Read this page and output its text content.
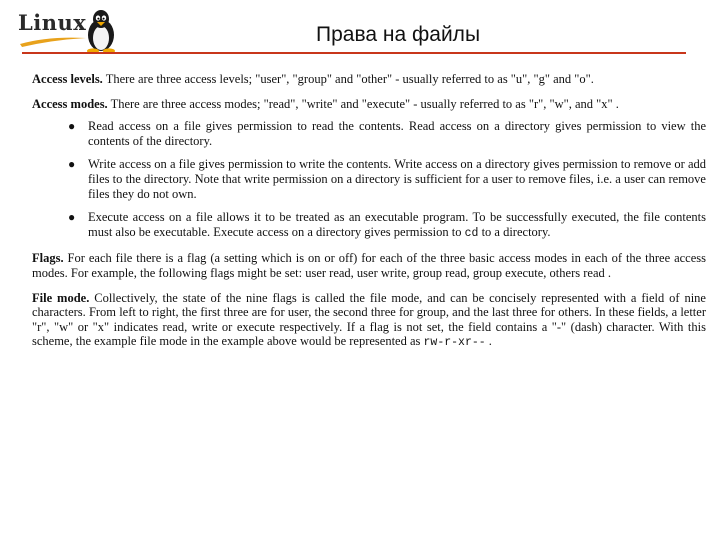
Linux	Права на файлы

Access levels. There are three access levels; "user", "group" and "other" - usually referred to as "u", "g" and "o".

Access modes. There are three access modes; "read", "write" and "execute" - usually referred to as "r", "w", and "x" .

● Read access on a file gives permission to read the contents. Read access on a directory gives permission to view the contents of the directory.
● Write access on a file gives permission to write the contents. Write access on a directory gives permission to remove or add files to the directory. Note that write permission on a directory is sufficient for a user to remove files, i.e. a user can remove files they do not own.
● Execute access on a file allows it to be treated as an executable program. To be successfully executed, the file contents must also be executable. Execute access on a directory gives permission to cd to a directory.

Flags. For each file there is a flag (a setting which is on or off) for each of the three basic access modes in each of the three access modes. For example, the following flags might be set: user read, user write, group read, group execute, others read .

File mode. Collectively, the state of the nine flags is called the file mode, and can be concisely represented with a field of nine characters. From left to right, the first three are for user, the second three for group, and the last three for others. In these fields, a letter "r", "w" or "x" indicates read, write or execute respectively. If a flag is not set, the field contains a "-" (dash) character. With this scheme, the example file mode in the example above would be represented as rw-r-xr-- .
